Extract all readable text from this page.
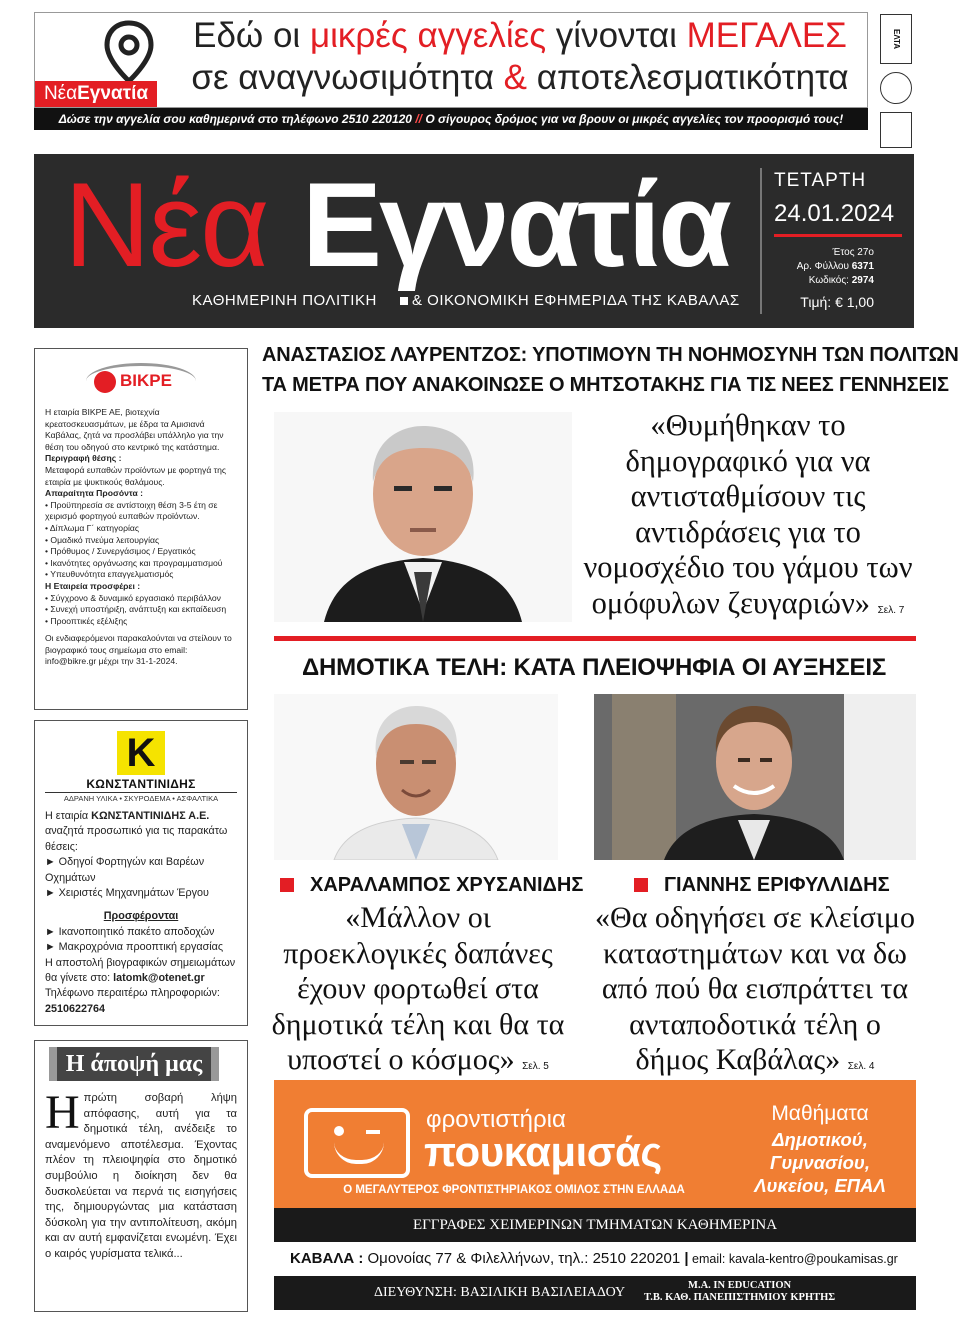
ΝέαΕγνατία
Εδώ οι μικρές αγγελίες γίνονται ΜΕΓΑΛΕΣ
σε αναγνωσιμότητα & αποτελεσματικότητα
Δώσε την αγγελία σου καθημερινά στο τηλέφωνο 2510 220120 // Ο σίγουρος δρόμος για να βρουν οι μικρές αγγελίες τον προορισμό τους!
ΕΛΤΑ
Νέα Εγνατία
ΚΑΘΗΜΕΡΙΝΗ ΠΟΛΙΤΙΚΗ & ΟΙΚΟΝΟΜΙΚΗ ΕΦΗΜΕΡΙΔΑ ΤΗΣ ΚΑΒΑΛΑΣ
ΤΕΤΑΡΤΗ
24.01.2024
Έτος 27ο
Αρ. Φύλλου 6371
Κωδικός: 2974
Τιμή: € 1,00
ΒΙΚΡΕ

Η εταιρία ΒΙΚΡΕ ΑΕ, βιοτεχνία κρεατοσκευασμάτων, με έδρα τα Αμισιανά Καβάλας, ζητά να προσλάβει υπάλληλο για την θέση του οδηγού στο κεντρικό της κατάστημα.

Περιγραφή θέσης :

Μεταφορά ευπαθών προϊόντων με φορτηγά της εταιρία με ψυκτικούς θαλάμους.

Απαραίτητα Προσόντα :

• Προϋπηρεσία σε αντίστοιχη θέση 3-5 έτη σε χειρισμό φορτηγού ευπαθών προϊόντων.

• Δίπλωμα Γ΄ κατηγορίας

• Ομαδικό πνεύμα λειτουργίας

• Πρόθυμος / Συνεργάσιμος / Εργατικός

• Ικανότητες οργάνωσης και προγραμματισμού

• Υπευθυνότητα επαγγελματισμός

Η Εταιρεία προσφέρει :

• Σύγχρονο & δυναμικό εργασιακό περιβάλλον

• Συνεχή υποστήριξη, ανάπτυξη και εκπαίδευση

• Προοπτικές εξέλιξης

Οι ενδιαφερόμενοι παρακαλούνται να στείλουν το βιογραφικό τους σημείωμα στο email: info@bikre.gr μέχρι την 31-1-2024.

Κ
ΚΩΝΣΤΑΝΤΙΝΙΔΗΣ
ΑΔΡΑΝΗ ΥΛΙΚΑ • ΣΚΥΡΟΔΕΜΑ • ΑΣΦΑΛΤΙΚΑ
Η εταιρία ΚΩΝΣΤΑΝΤΙΝΙΔΗΣ Α.Ε. αναζητά προσωπικό για τις παρακάτω θέσεις:
► Οδηγοί Φορτηγών και Βαρέων Οχημάτων
► Χειριστές Μηχανημάτων Έργου
Προσφέρονται
► Ικανοποιητικό πακέτο αποδοχών
► Μακροχρόνια προοπτική εργασίας
Η αποστολή βιογραφικών σημειωμάτων θα γίνετε στο: latomk@otenet.gr
Τηλέφωνο περαιτέρω πληροφοριών: 2510622764
Η άποψή μας
Ηπρώτη σοβαρή λήψη απόφασης, αυτή για τα δημοτικά τέλη, ανέδειξε το αναμενόμενο αποτέλεσμα. Έχοντας πλέον τη πλειοψηφία στο δημοτικό συμβούλιο η διοίκηση δεν θα δυσκολεύεται να περνά τις εισηγήσεις της, δημιουργώντας μια κατάσταση δύσκολη για την αντιπολίτευση, ακόμη και αν αυτή εμφανίζεται ενωμένη. Έχει ο καιρός γυρίσματα τελικά...
ΑΝΑΣΤΑΣΙΟΣ ΛΑΥΡΕΝΤΖΟΣ: ΥΠΟΤΙΜΟΥΝ ΤΗ ΝΟΗΜΟΣΥΝΗ ΤΩΝ ΠΟΛΙΤΩΝ
ΤΑ ΜΕΤΡΑ ΠΟΥ ΑΝΑΚΟΙΝΩΣΕ Ο ΜΗΤΣΟΤΑΚΗΣ ΓΙΑ ΤΙΣ ΝΕΕΣ ΓΕΝΝΗΣΕΙΣ
«Θυμήθηκαν το δημογραφικό για να αντισταθμίσουν τις αντιδράσεις για το νομοσχέδιο του γάμου των ομόφυλων ζευγαριών» Σελ. 7
ΔΗΜΟΤΙΚΑ ΤΕΛΗ: ΚΑΤΑ ΠΛΕΙΟΨΗΦΙΑ ΟΙ ΑΥΞΗΣΕΙΣ
ΧΑΡΑΛΑΜΠΟΣ ΧΡΥΣΑΝΙΔΗΣ	ΓΙΑΝΝΗΣ ΕΡΙΦΥΛΛΙΔΗΣ
«Μάλλον οι προεκλογικές δαπάνες έχουν φορτωθεί στα δημοτικά τέλη και θα τα υποστεί ο κόσμος» Σελ. 5
«Θα οδηγήσει σε κλείσιμο καταστημάτων και να δω από πού θα εισπράττει τα ανταποδοτικά τέλη ο δήμος Καβάλας» Σελ. 4
φροντιστήρια
πουκαμισάς
Ο ΜΕΓΑΛΥΤΕΡΟΣ ΦΡΟΝΤΙΣΤΗΡΙΑΚΟΣ ΟΜΙΛΟΣ ΣΤΗΝ ΕΛΛΑΔΑ
Μαθήματα
Δημοτικού,
Γυμνασίου,
Λυκείου, ΕΠΑΛ
ΕΓΓΡΑΦΕΣ ΧΕΙΜΕΡΙΝΩΝ ΤΜΗΜΑΤΩΝ ΚΑΘΗΜΕΡΙΝΑ
ΚΑΒΑΛΑ : Ομονοίας 77 & Φιλελλήνων, τηλ.: 2510 220201 | email: kavala-kentro@poukamisas.gr
ΔΙΕΥΘΥΝΣΗ: ΒΑΣΙΛΙΚΗ ΒΑΣΙΛΕΙΑΔΟΥ	M.A. IN EDUCATION
Τ.Β. ΚΑΘ. ΠΑΝΕΠΙΣΤΗΜΙΟΥ ΚΡΗΤΗΣ
